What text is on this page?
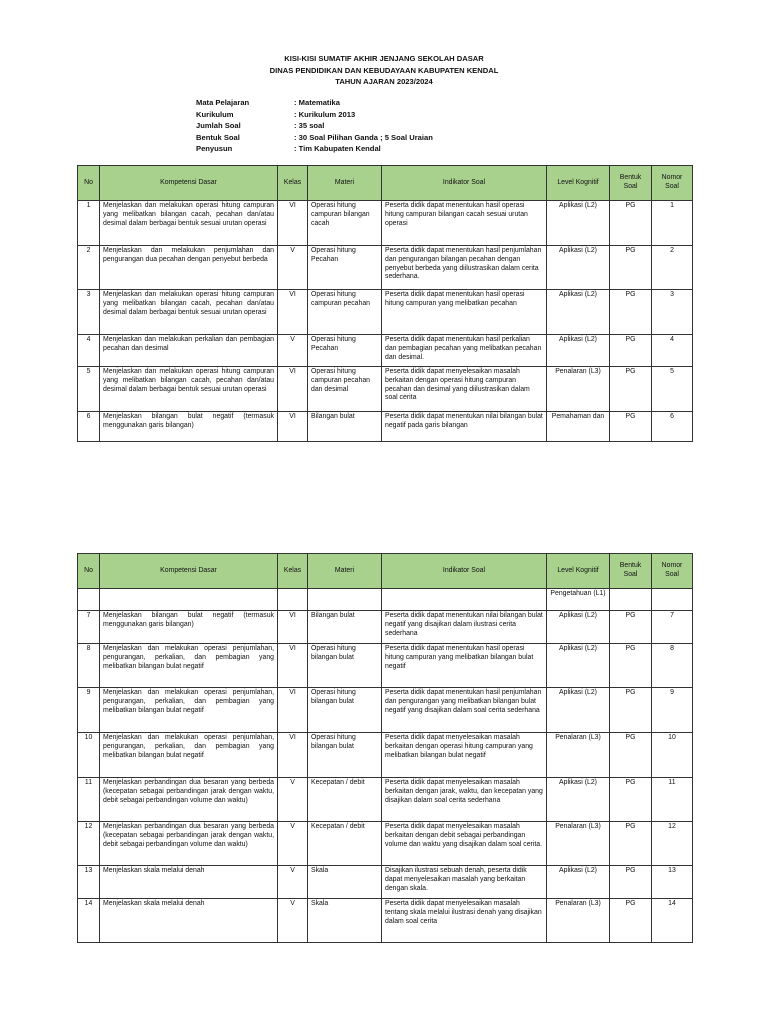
KISI-KISI SUMATIF AKHIR JENJANG SEKOLAH DASAR
DINAS PENDIDIKAN DAN KEBUDAYAAN KABUPATEN KENDAL
TAHUN AJARAN 2023/2024
Mata Pelajaran	: Matematika
Kurikulum	: Kurikulum 2013
Jumlah Soal	: 35 soal
Bentuk Soal	: 30 Soal Pilihan Ganda ; 5 Soal Uraian
Penyusun	: Tim Kabupaten Kendal
No	Kompetensi Dasar	Kelas	Materi	Indikator Soal	Level Kognitif	Bentuk Soal	Nomor Soal
1	Menjelaskan dan melakukan operasi hitung campuran yang melibatkan bilangan cacah, pecahan dan/atau desimal dalam berbagai bentuk sesuai urutan operasi	VI	Operasi hitung campuran bilangan cacah	Peserta didik dapat menentukan hasil operasi hitung campuran bilangan cacah sesuai urutan operasi	Aplikasi (L2)	PG	1
2	Menjelaskan dan melakukan penjumlahan dan pengurangan dua pecahan dengan penyebut berbeda	V	Operasi hitung Pecahan	Peserta didik dapat menentukan hasil penjumlahan dan pengurangan bilangan pecahan dengan penyebut berbeda yang diilustrasikan dalam cerita sederhana.	Aplikasi (L2)	PG	2
3	Menjelaskan dan melakukan operasi hitung campuran yang melibatkan bilangan cacah, pecahan dan/atau desimal dalam berbagai bentuk sesuai urutan operasi	VI	Operasi hitung campuran pecahan	Peserta didik dapat menentukan hasil operasi hitung campuran yang melibatkan pecahan	Aplikasi (L2)	PG	3
4	Menjelaskan dan melakukan perkalian dan pembagian pecahan dan desimal	V	Operasi hitung Pecahan	Peserta didik dapat menentukan hasil perkalian dan pembagian pecahan yang melibatkan pecahan dan desimal.	Aplikasi (L2)	PG	4
5	Menjelaskan dan melakukan operasi hitung campuran yang melibatkan bilangan cacah, pecahan dan/atau desimal dalam berbagai bentuk sesuai urutan operasi	VI	Operasi hitung campuran pecahan dan desimal	Peserta didik dapat menyelesaikan masalah berkaitan dengan operasi hitung campuran pecahan dan desimal yang diilustrasikan dalam soal cerita	Penalaran (L3)	PG	5
6	Menjelaskan bilangan bulat negatif (termasuk menggunakan garis bilangan)	VI	Bilangan bulat	Peserta didik dapat menentukan nilai bilangan bulat negatif pada garis bilangan	Pemahaman dan	PG	6
No	Kompetensi Dasar	Kelas	Materi	Indikator Soal	Level Kognitif	Bentuk Soal	Nomor Soal
					Pengetahuan (L1)		
7	Menjelaskan bilangan bulat negatif (termasuk menggunakan garis bilangan)	VI	Bilangan bulat	Peserta didik dapat menentukan nilai bilangan bulat negatif yang disajikan dalam ilustrasi cerita sederhana	Aplikasi (L2)	PG	7
8	Menjelaskan dan melakukan operasi penjumlahan, pengurangan, perkalian, dan pembagian yang melibatkan bilangan bulat negatif	VI	Operasi hitung bilangan bulat	Peserta didik dapat menentukan hasil operasi hitung campuran yang melibatkan bilangan bulat negatif	Aplikasi (L2)	PG	8
9	Menjelaskan dan melakukan operasi penjumlahan, pengurangan, perkalian, dan pembagian yang melibatkan bilangan bulat negatif	VI	Operasi hitung bilangan bulat	Peserta didik dapat menentukan hasil penjumlahan dan pengurangan yang melibatkan bilangan bulat negatif yang disajikan dalam soal cerita sederhana	Aplikasi (L2)	PG	9
10	Menjelaskan dan melakukan operasi penjumlahan, pengurangan, perkalian, dan pembagian yang melibatkan bilangan bulat negatif	VI	Operasi hitung bilangan bulat	Peserta didik dapat menyelesaikan masalah berkaitan dengan operasi hitung campuran yang melibatkan bilangan bulat negatif	Penalaran (L3)	PG	10
11	Menjelaskan perbandingan dua besaran yang berbeda (kecepatan sebagai perbandingan jarak dengan waktu, debit sebagai perbandingan volume dan waktu)	V	Kecepatan / debit	Peserta didik dapat menyelesaikan masalah berkaitan dengan jarak, waktu, dan kecepatan yang disajikan dalam soal cerita sederhana	Aplikasi (L2)	PG	11
12	Menjelaskan perbandingan dua besaran yang berbeda (kecepatan sebagai perbandingan jarak dengan waktu, debit sebagai perbandingan volume dan waktu)	V	Kecepatan / debit	Peserta didik dapat menyelesaikan masalah berkaitan dengan debit sebagai perbandingan volume dan waktu yang disajikan dalam soal cerita.	Penalaran (L3)	PG	12
13	Menjelaskan skala melalui denah	V	Skala	Disajikan ilustrasi sebuah denah, peserta didik dapat menyelesaikan masalah yang berkaitan dengan skala.	Aplikasi (L2)	PG	13
14	Menjelaskan skala melalui denah	V	Skala	Peserta didik dapat menyelesaikan masalah tentang skala melalui ilustrasi denah yang disajikan dalam soal cerita	Penalaran (L3)	PG	14
